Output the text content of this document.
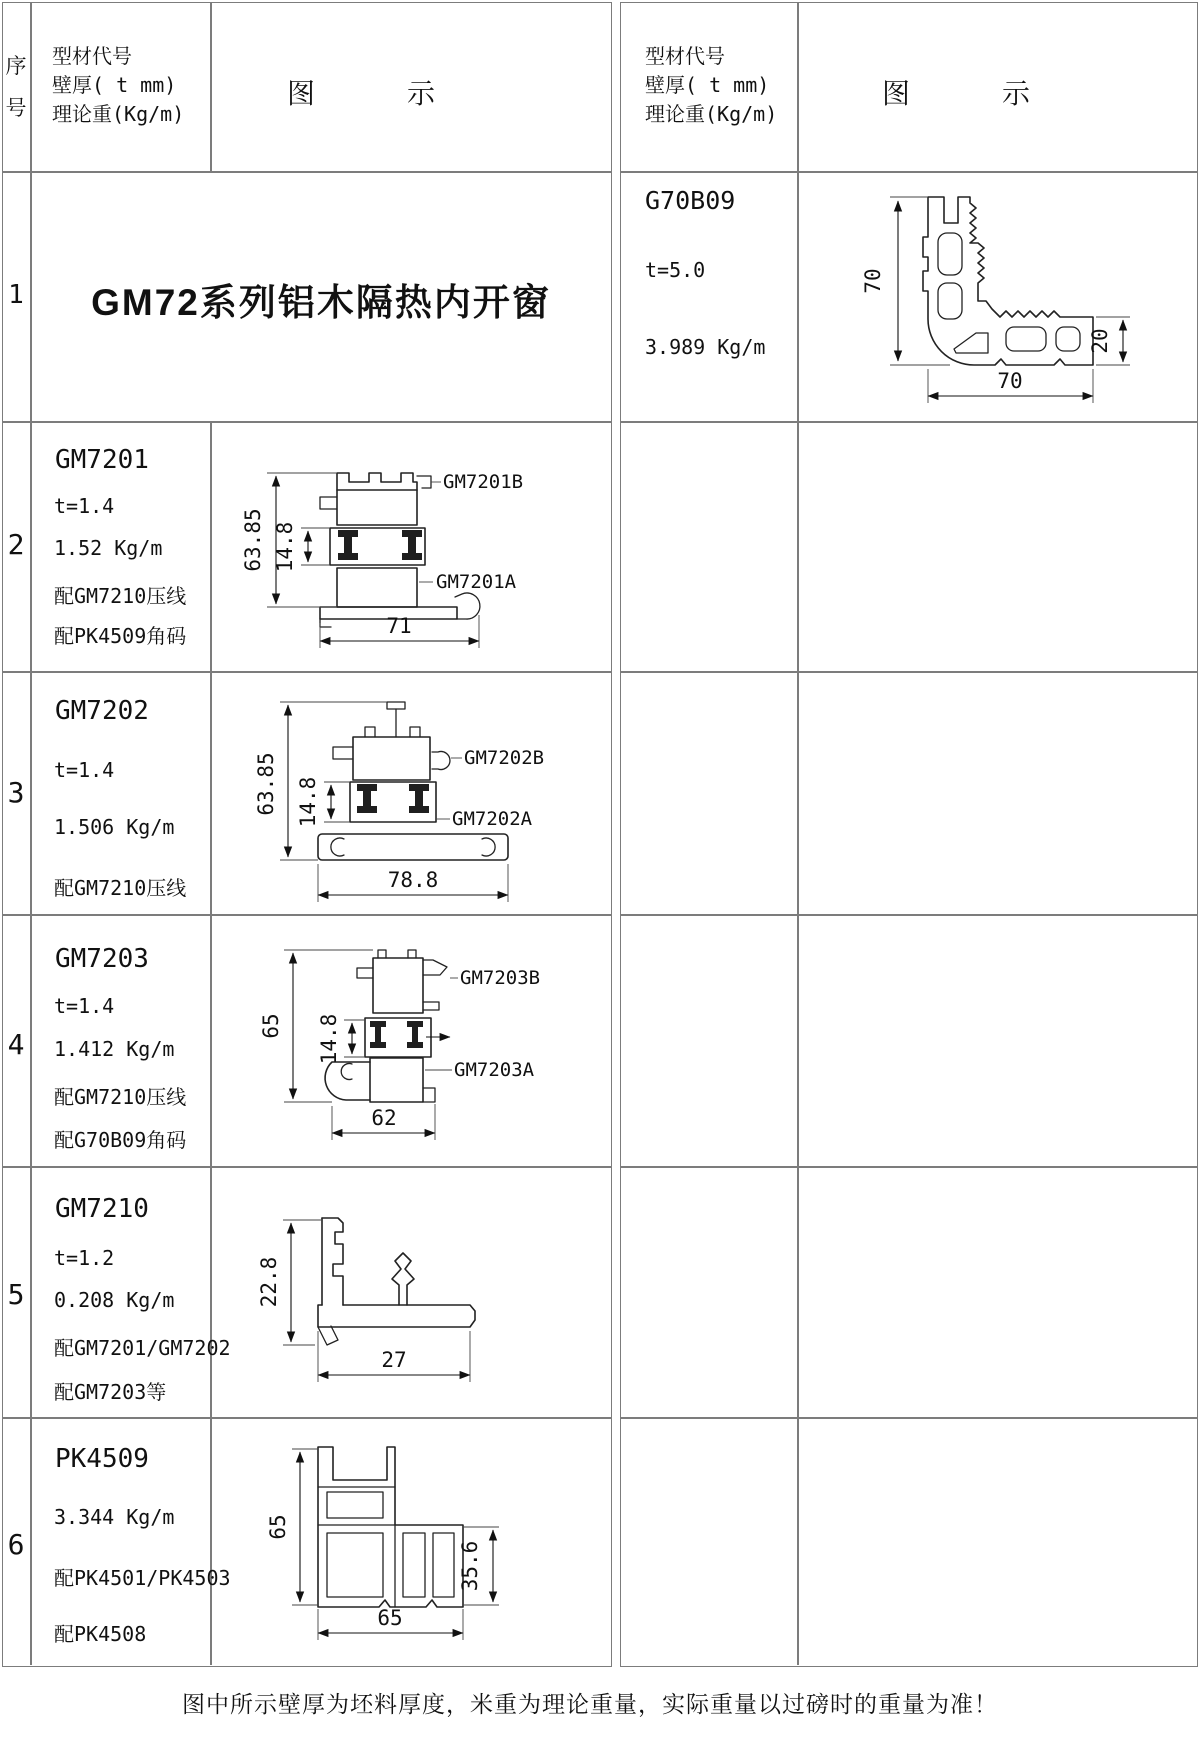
序
号
型材代号
壁厚( t mm)
理论重(Kg/m)
图	示
型材代号
壁厚( t mm)
理论重(Kg/m)
图	示
1
2
3
4
5
6
GM72系列铝木隔热内开窗
GM7201
t=1.4
1.52 Kg/m
配GM7210压线
配PK4509角码
GM7202
t=1.4
1.506 Kg/m
配GM7210压线
GM7203
t=1.4
1.412 Kg/m
配GM7210压线
配G70B09角码
GM7210
t=1.2
0.208 Kg/m
配GM7201/GM7202
配GM7203等
PK4509
3.344 Kg/m
配PK4501/PK4503
配PK4508
G70B09
t=5.0
3.989 Kg/m
70
70
20
GM7201B
GM7201A
63.85 14.8
71
GM7202B
GM7202A
63.85 14.8
78.8
GM7203B
GM7203A
65 14.8
62
22.8
27
65
35.6
65
图中所示壁厚为坯料厚度，米重为理论重量，实际重量以过磅时的重量为准！
